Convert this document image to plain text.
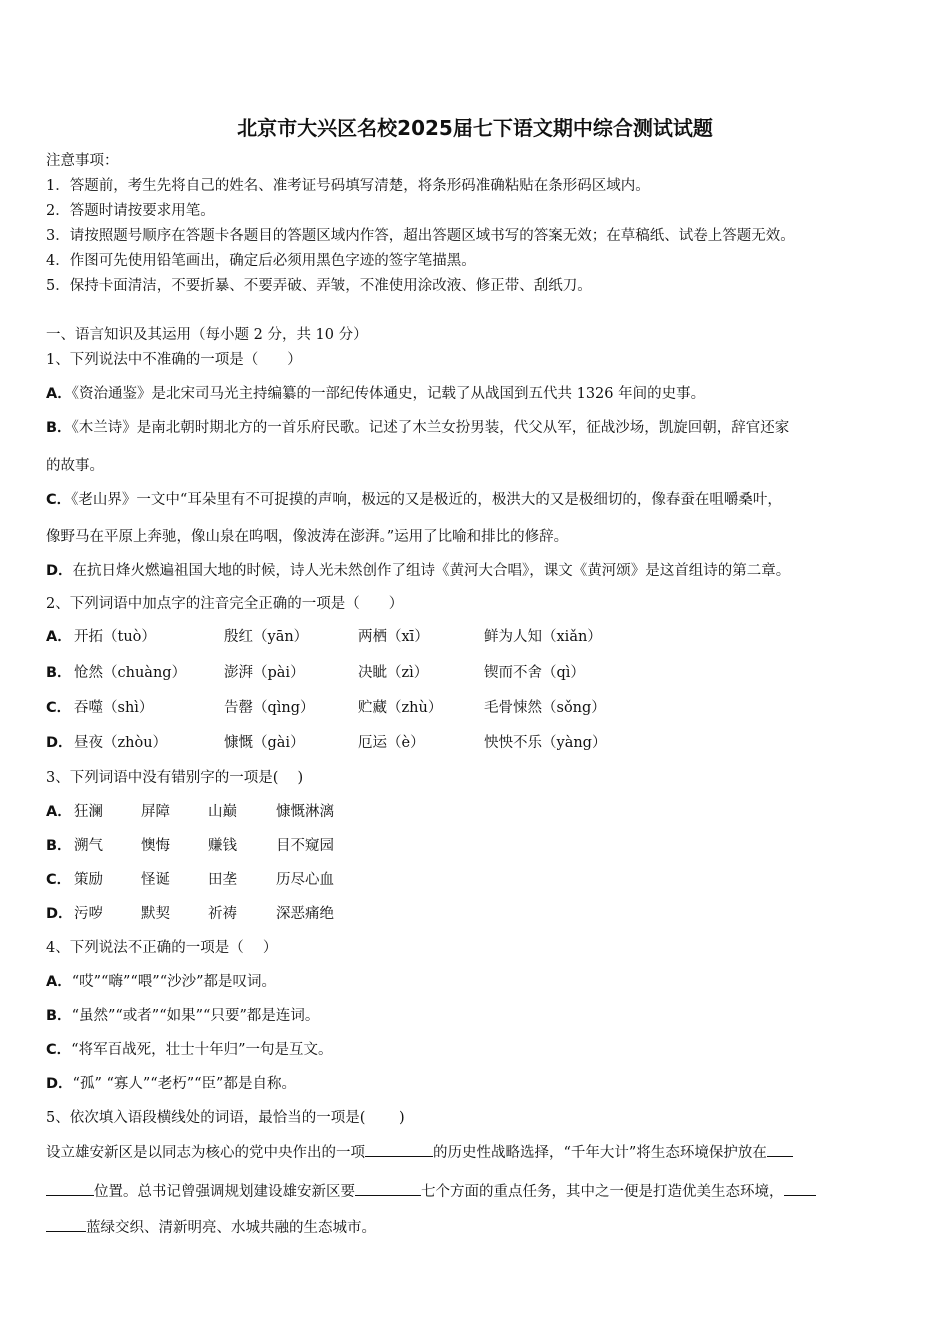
北京市大兴区名校2025届七下语文期中综合测试试题
注意事项：
1．答题前，考生先将自己的姓名、准考证号码填写清楚，将条形码准确粘贴在条形码区域内。
2．答题时请按要求用笔。
3．请按照题号顺序在答题卡各题目的答题区域内作答，超出答题区域书写的答案无效；在草稿纸、试卷上答题无效。
4．作图可先使用铅笔画出，确定后必须用黑色字迹的签字笔描黑。
5．保持卡面清洁，不要折暴、不要弄破、弄皱，不准使用涂改液、修正带、刮纸刀。
一、语言知识及其运用（每小题 2 分，共 10 分）
1、下列说法中不准确的一项是（　　）
A．《资治通鉴》是北宋司马光主持编纂的一部纪传体通史，记载了从战国到五代共 1326 年间的史事。
B．《木兰诗》是南北朝时期北方的一首乐府民歌。记述了木兰女扮男装，代父从军，征战沙场，凯旋回朝，辞官还家
的故事。
C．《老山界》一文中“耳朵里有不可捉摸的声响，极远的又是极近的，极洪大的又是极细切的，像春蚕在咀嚼桑叶，
像野马在平原上奔驰，像山泉在呜咽，像波涛在澎湃。”运用了比喻和排比的修辞。
D．在抗日烽火燃遍祖国大地的时候，诗人光未然创作了组诗《黄河大合唱》，课文《黄河颂》是这首组诗的第二章。
2、下列词语中加点字的注音完全正确的一项是（　　）
A． 开拓（tuò）	殷红（yān）	两栖（xī）	鲜为人知（xiǎn）
B． 怆然（chuàng）	澎湃（pài）	决眦（zì）	锲而不舍（qì）
C． 吞噬（shì）	告罄（qìng）	贮藏（zhù）	毛骨悚然（sǒng）
D． 昼夜（zhòu）	慷慨（gài）	厄运（è）	怏怏不乐（yàng）
3、下列词语中没有错别字的一项是(　 )
A． 狂澜	屏障	山巅	慷慨淋漓
B． 溯气	懊悔	赚钱	目不窥园
C． 策励	怪诞	田垄	历尽心血
D． 污哕	默契	祈祷	深恶痛绝
4、下列说法不正确的一项是（　 ）
A．“哎”“嗨”“喂”“沙沙”都是叹词。
B．“虽然”“或者”“如果”“只要”都是连词。
C．“将军百战死，壮士十年归”一句是互文。
D．“孤” “寡人”“老朽”“臣”都是自称。
5、依次填入语段横线处的词语，最恰当的一项是(　 　)
设立雄安新区是以同志为核心的党中央作出的一项	的历史性战略选择，“千年大计”将生态环境保护放在
位置。总书记曾强调规划建设雄安新区要	七个方面的重点任务，其中之一便是打造优美生态环境，
蓝绿交织、清新明亮、水城共融的生态城市。
